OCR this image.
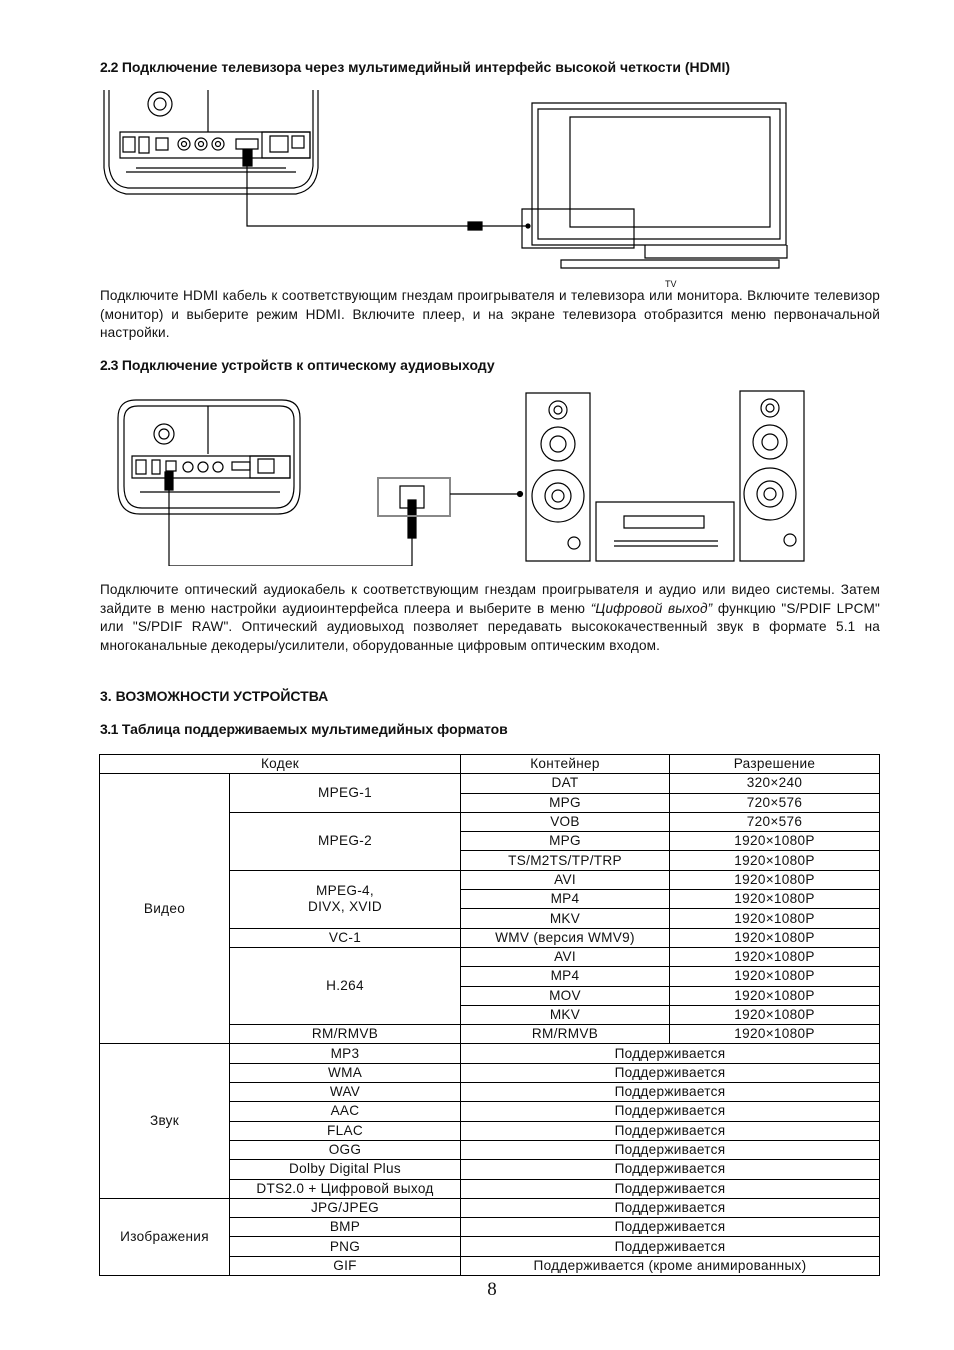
2.2 Подключение телевизора через мультимедийный интерфейс высокой четкости (HDMI)
TV
Подключите HDMI кабель к соответствующим гнездам проигрывателя и телевизора или монитора. Включите телевизор (монитор) и выберите режим HDMI. Включите плеер, и на экране телевизора отобразится меню первоначальной настройки.
2.3 Подключение устройств к оптическому аудиовыходу
Подключите оптический аудиокабель к соответствующим гнездам проигрывателя и аудио или видео системы. Затем зайдите в меню настройки аудиоинтерфейса плеера и выберите в меню “Цифровой выход” функцию "S/PDIF LPCM" или "S/PDIF RAW". Оптический аудиовыход позволяет передавать высококачественный звук в формате 5.1 на многоканальные декодеры/усилители, оборудованные цифровым оптическим входом.
3. ВОЗМОЖНОСТИ УСТРОЙСТВА
3.1 Таблица поддерживаемых мультимедийных форматов
Кодек		Контейнер	Разрешение
Видео	MPEG-1	DAT	320×240
		MPG	720×576
	MPEG-2	VOB	720×576
		MPG	1920×1080P
		TS/M2TS/TP/TRP	1920×1080P
	MPEG-4,
DIVX, XVID	AVI	1920×1080P
		MP4	1920×1080P
		MKV	1920×1080P
	VC-1	WMV (версия WMV9)	1920×1080P
	H.264	AVI	1920×1080P
		MP4	1920×1080P
		MOV	1920×1080P
		MKV	1920×1080P
	RM/RMVB	RM/RMVB	1920×1080P
Звук	MP3	Поддерживается	
	WMA	Поддерживается	
	WAV	Поддерживается	
	AAC	Поддерживается	
	FLAC	Поддерживается	
	OGG	Поддерживается	
	Dolby Digital Plus	Поддерживается	
	DTS2.0 + Цифровой выход	Поддерживается	
Изображения	JPG/JPEG	Поддерживается	
	BMP	Поддерживается	
	PNG	Поддерживается	
	GIF	Поддерживается (кроме анимированных)	
8
